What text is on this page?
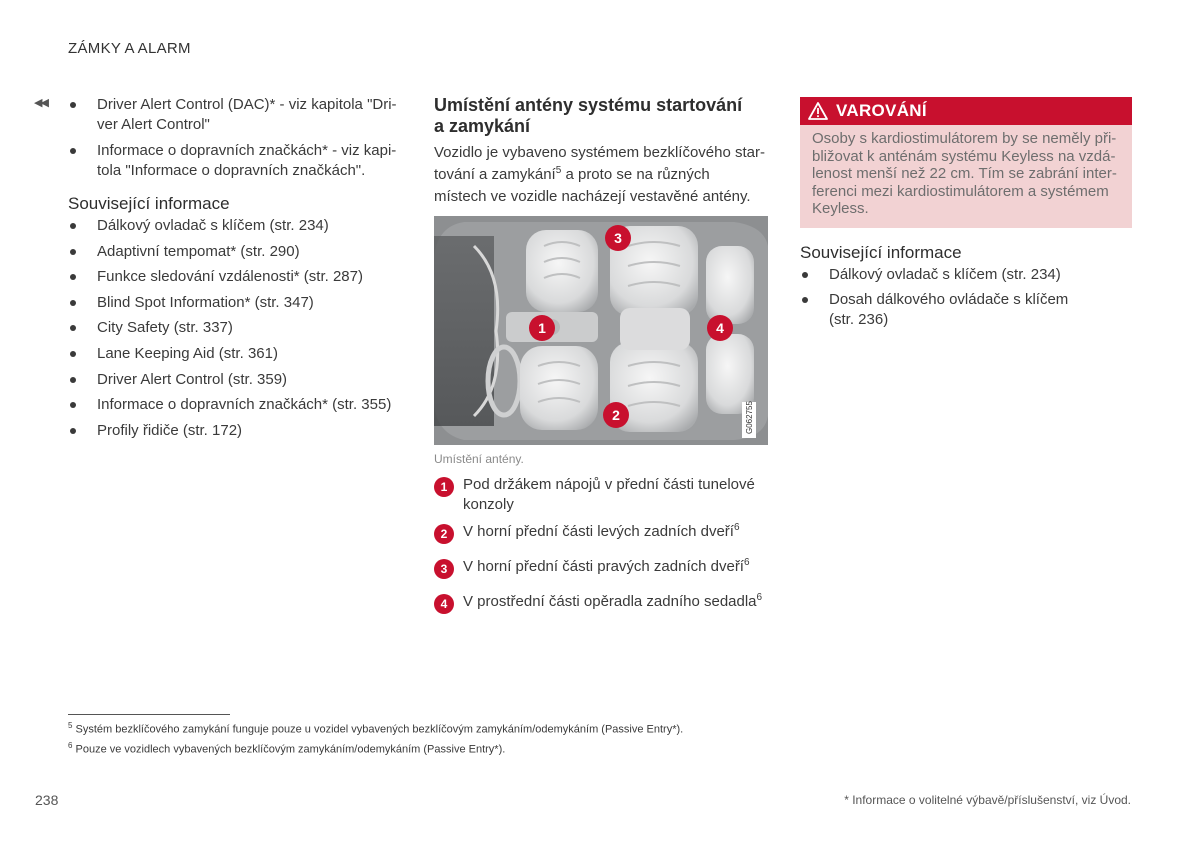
ZÁMKY A ALARM
◀◀	Driver Alert Control (DAC)* - viz kapitola "Dri-
ver Alert Control"
Informace o dopravních značkách* - viz kapi-
tola "Informace o dopravních značkách".
Související informace
Dálkový ovladač s klíčem (str. 234)
Adaptivní tempomat* (str. 290)
Funkce sledování vzdálenosti* (str. 287)
Blind Spot Information* (str. 347)
City Safety (str. 337)
Lane Keeping Aid (str. 361)
Driver Alert Control (str. 359)
Informace o dopravních značkách* (str. 355)
Profily řidiče (str. 172)
Umístění antény systému startování
a zamykání
Vozidlo je vybaveno systémem bezklíčového star-
tování a zamykání$^5$ a proto se na různých
místech ve vozidle nacházejí vestavěné antény.
G062755
1
2
3
4
Umístění antény.
1	Pod držákem nápojů v přední části tunelové
konzoly
2	V horní přední části levých zadních dveří$^6$
3	V horní přední části pravých zadních dveří$^6$
4	V prostřední části opěradla zadního sedadla$^6$
VAROVÁNÍ
Osoby s kardiostimulátorem by se neměly při-
bližovat k anténám systému Keyless na vzdá-
lenost menší než 22 cm. Tím se zabrání inter-
ferenci mezi kardiostimulátorem a systémem
Keyless.
Související informace
Dálkový ovladač s klíčem (str. 234)
Dosah dálkového ovládače s klíčem
(str. 236)
$^5$ Systém bezklíčového zamykání funguje pouze u vozidel vybavených bezklíčovým zamykáním/odemykáním (Passive Entry*).
$^6$ Pouze ve vozidlech vybavených bezklíčovým zamykáním/odemykáním (Passive Entry*).
238	* Informace o volitelné výbavě/příslušenství, viz Úvod.
